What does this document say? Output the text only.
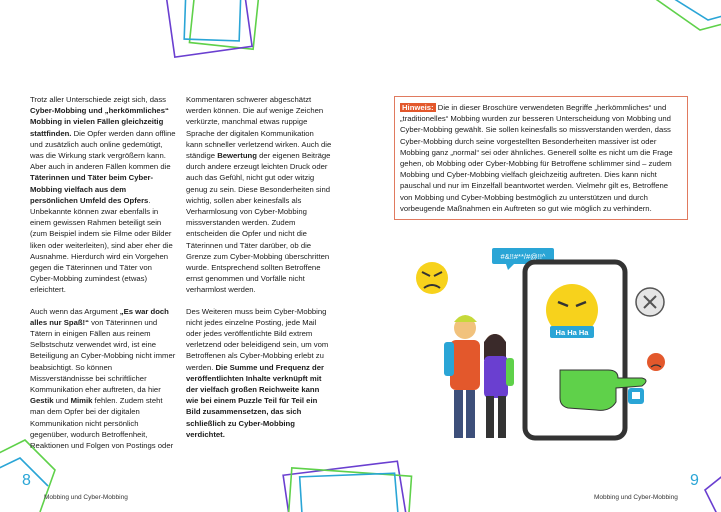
Trotz aller Unterschiede zeigt sich, dass Cyber-Mobbing und „herkömmliches“ Mobbing in vielen Fällen gleichzeitig stattfinden. Die Opfer werden dann offline und zusätzlich auch online gedemütigt, was die Wirkung stark vergrößern kann. Aber auch in anderen Fällen kommen die Täterinnen und Täter beim Cyber-Mobbing vielfach aus dem persönlichen Umfeld des Opfers. Unbekannte können zwar ebenfalls in einem gewissen Rahmen beteiligt sein (zum Beispiel indem sie Filme oder Bilder liken oder weiterleiten), sind aber eher die Ausnahme. Hierdurch wird ein Vorgehen gegen die Täterinnen und Täter von Cyber-Mobbing zumindest (etwas) erleichtert.

Auch wenn das Argument „Es war doch alles nur Spaß!“ von Täterinnen und Tätern in einigen Fällen aus reinem Selbstschutz verwendet wird, ist eine Beteiligung an Cyber-Mobbing nicht immer beabsichtigt. So können Missverständnisse bei schriftlicher Kommunikation eher auftreten, da hier Gestik und Mimik fehlen. Zudem steht man dem Opfer bei der digitalen Kommunikation nicht persönlich gegenüber, wodurch Betroffenheit, Reaktionen und Folgen von Postings oder

Kommentaren schwerer abgeschätzt werden können. Die auf wenige Zeichen verkürzte, manchmal etwas ruppige Sprache der digitalen Kommunikation kann schneller verletzend wirken. Auch die ständige Bewertung der eigenen Beiträge durch andere erzeugt leichten Druck oder auch das Gefühl, nicht gut oder witzig genug zu sein. Diese Besonderheiten sind wichtig, sollen aber keinesfalls als Verharmlosung von Cyber-Mobbing missverstanden werden. Zudem entscheiden die Opfer und nicht die Täterinnen und Täter darüber, ob die Grenze zum Cyber-Mobbing überschritten wurde. Entsprechend sollten Betroffene ernst genommen und Vorfälle nicht verharmlost werden.

Des Weiteren muss beim Cyber-Mobbing nicht jedes einzelne Posting, jede Mail oder jedes veröffentlichte Bild extrem verletzend oder beleidigend sein, um vom Betroffenen als Cyber-Mobbing erlebt zu werden. Die Summe und Frequenz der veröffentlichten Inhalte verknüpft mit der vielfach großen Reichweite kann wie bei einem Puzzle Teil für Teil ein Bild zusammensetzen, das sich schließlich zu Cyber-Mobbing verdichtet.

Hinweis: Die in dieser Broschüre verwendeten Begriffe „herkömmliches“ und „traditionelles“ Mobbing wurden zur besseren Unterscheidung von Mobbing und Cyber-Mobbing gewählt. Sie sollen keinesfalls so missverstanden werden, dass Cyber-Mobbing durch seine vorgestellten Besonderheiten massiver ist oder Mobbing ganz „normal“ sei oder ähnliches. Generell sollte es nicht um die Frage gehen, ob Mobbing oder Cyber-Mobbing für Betroffene schlimmer sind – zudem Mobbing und Cyber-Mobbing vielfach gleichzeitig auftreten. Dies kann nicht pauschal und nur im Einzelfall beantwortet werden. Vielmehr gilt es, Betroffene von Mobbing und Cyber-Mobbing bestmöglich zu unterstützen und durch vorbeugende Maßnahmen ein Auftreten so gut wie möglich zu verhindern.
#&!!#**/#@!!^
Ha Ha Ha
8
Mobbing und Cyber-Mobbing	Mobbing und Cyber-Mobbing
9
